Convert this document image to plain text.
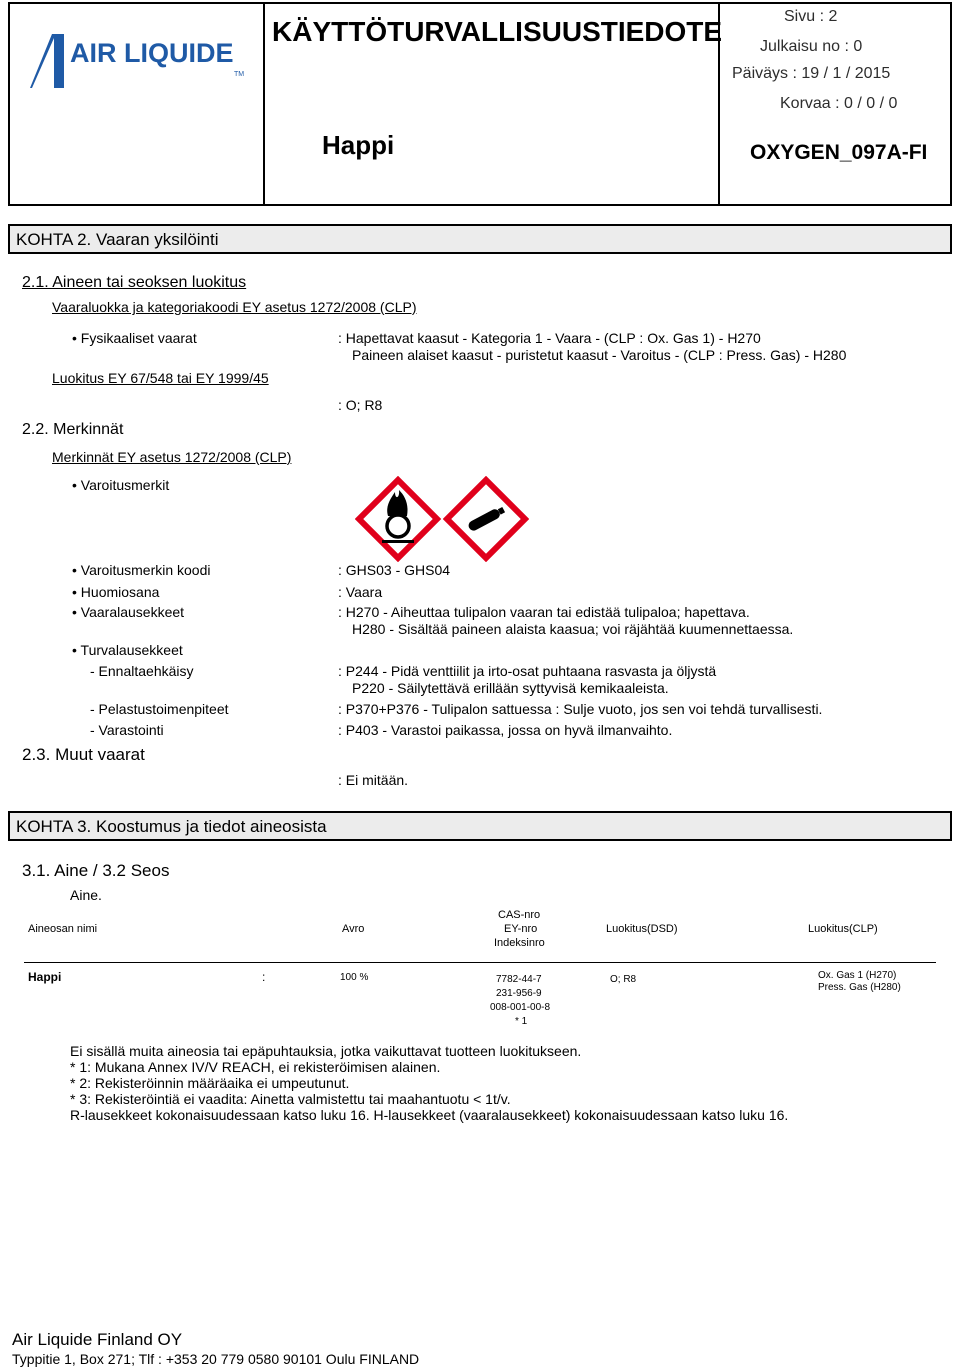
AIR LIQUIDE
TM
KÄYTTÖTURVALLISUUSTIEDOTE
Happi
Sivu : 2
Julkaisu no : 0
Päiväys : 19 / 1 / 2015
Korvaa : 0 / 0 / 0
OXYGEN_097A-FI
KOHTA 2. Vaaran yksilöinti
2.1. Aineen tai seoksen luokitus
Vaaraluokka ja kategoriakoodi EY asetus 1272/2008 (CLP)
• Fysikaaliset vaarat	: Hapettavat kaasut - Kategoria 1 - Vaara - (CLP : Ox. Gas 1) - H270
Paineen alaiset kaasut - puristetut kaasut - Varoitus - (CLP : Press. Gas) - H280
Luokitus EY 67/548 tai EY 1999/45
: O; R8
2.2. Merkinnät
Merkinnät EY asetus 1272/2008 (CLP)
• Varoitusmerkit
• Varoitusmerkin koodi	: GHS03 - GHS04
• Huomiosana	: Vaara
• Vaaralausekkeet	: H270 - Aiheuttaa tulipalon vaaran tai edistää tulipaloa; hapettava.
H280 - Sisältää paineen alaista kaasua; voi räjähtää kuumennettaessa.
• Turvalausekkeet
- Ennaltaehkäisy	: P244 - Pidä venttiilit ja irto-osat puhtaana rasvasta ja öljystä
P220 - Säilytettävä erillään syttyvisä kemikaaleista.
- Pelastustoimenpiteet	: P370+P376 - Tulipalon sattuessa : Sulje vuoto, jos sen voi tehdä turvallisesti.
- Varastointi	: P403 - Varastoi paikassa, jossa on hyvä ilmanvaihto.
2.3. Muut vaarat
: Ei mitään.
KOHTA 3. Koostumus ja tiedot aineosista
3.1. Aine / 3.2 Seos
Aine.
Aineosan nimi	Avro
CAS-nro
EY-nro
Indeksinro
Luokitus(DSD)	Luokitus(CLP)
Happi	:	100 %	7782-44-7
231-956-9
008-001-00-8
* 1
O; R8	Ox. Gas 1 (H270)
Press. Gas (H280)
Ei sisällä muita aineosia tai epäpuhtauksia, jotka vaikuttavat tuotteen luokitukseen.
* 1: Mukana Annex IV/V REACH, ei rekisteröimisen alainen.
* 2: Rekisteröinnin määräaika ei umpeutunut.
* 3: Rekisteröintiä ei vaadita: Ainetta valmistettu tai maahantuotu < 1t/v.
R-lausekkeet kokonaisuudessaan katso luku 16. H-lausekkeet (vaaralausekkeet) kokonaisuudessaan katso luku 16.
Air Liquide Finland OY
Typpitie 1, Box 271; Tlf : +353 20 779 0580 90101 Oulu FINLAND
